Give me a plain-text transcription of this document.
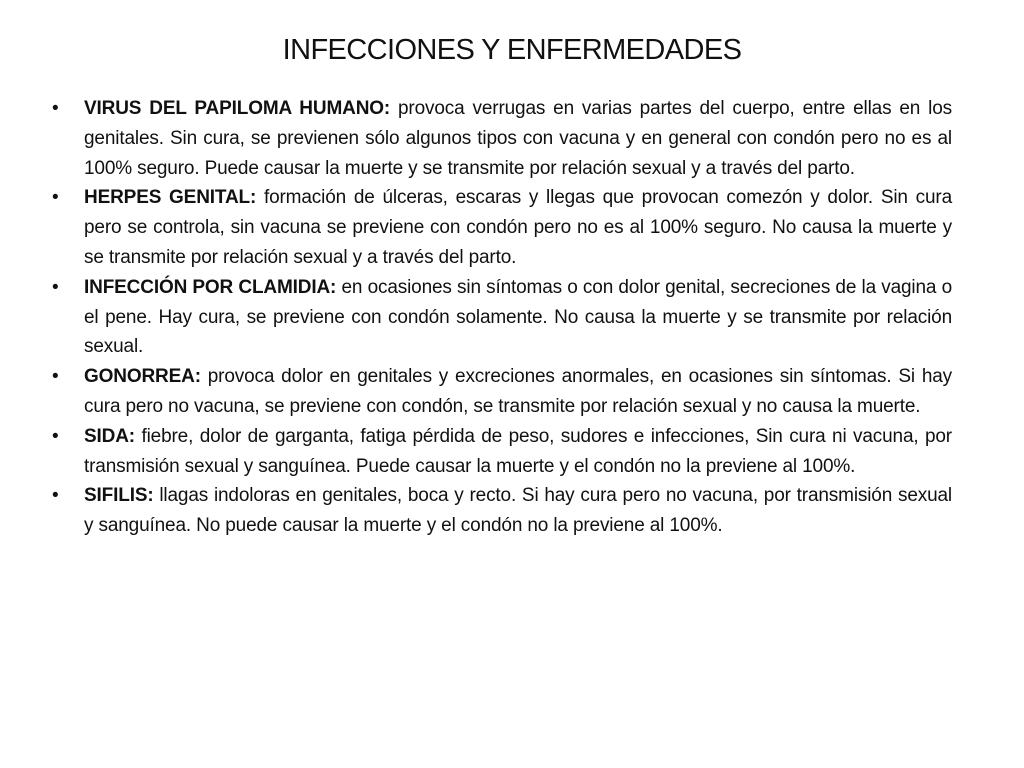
INFECCIONES Y ENFERMEDADES
•	VIRUS DEL PAPILOMA HUMANO: provoca verrugas en varias partes del cuerpo, entre ellas en los genitales. Sin cura, se previenen sólo algunos tipos con vacuna y en general con condón pero no es al 100% seguro. Puede causar la muerte y se transmite por relación sexual y a través del parto.
•	HERPES GENITAL: formación de úlceras, escaras y llegas que provocan comezón y dolor. Sin cura pero se controla, sin vacuna se previene con condón pero no es al 100% seguro. No causa la muerte y se transmite por relación sexual y a través del parto.
•	INFECCIÓN POR CLAMIDIA: en ocasiones sin síntomas o con dolor genital, secreciones de la vagina o el pene. Hay cura, se previene con condón solamente. No causa la muerte y se transmite por relación sexual.
•	GONORREA: provoca dolor en genitales y excreciones anormales, en ocasiones sin síntomas. Si hay cura pero no vacuna, se previene con condón, se transmite por relación sexual y no causa la muerte.
•	SIDA: fiebre, dolor de garganta, fatiga pérdida de peso, sudores e infecciones, Sin cura ni vacuna, por transmisión sexual y sanguínea. Puede causar la muerte y el condón no la previene al 100%.
•	SIFILIS: llagas indoloras en genitales, boca y recto. Si hay cura pero no vacuna, por transmisión sexual y sanguínea. No puede causar la muerte y el condón no la previene al 100%.
